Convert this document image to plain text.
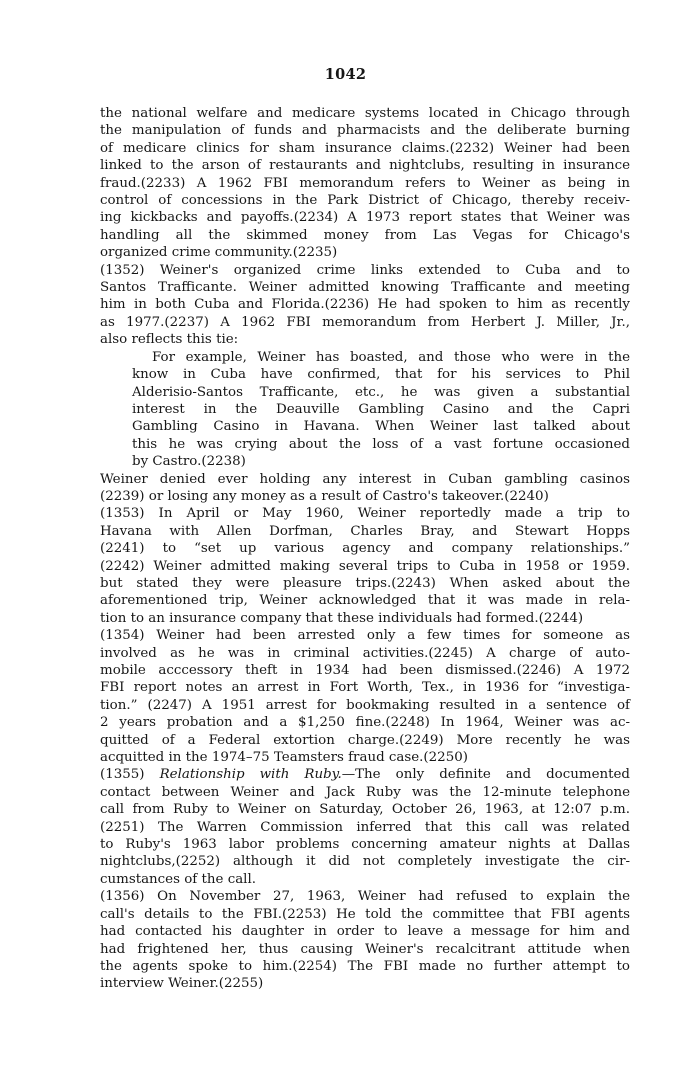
1042

the national welfare and medicare systems located in Chicago through
the manipulation of funds and pharmacists and the deliberate burning
of medicare clinics for sham insurance claims.(2232) Weiner had been
linked to the arson of restaurants and nightclubs, resulting in insurance
fraud.(2233) A 1962 FBI memorandum refers to Weiner as being in
control of concessions in the Park District of Chicago, thereby receiv-
ing kickbacks and payoffs.(2234) A 1973 report states that Weiner was
handling all the skimmed money from Las Vegas for Chicago's
organized crime community.(2235)

(1352) Weiner's organized crime links extended to Cuba and to
Santos Trafficante. Weiner admitted knowing Trafficante and meeting
him in both Cuba and Florida.(2236) He had spoken to him as recently
as 1977.(2237) A 1962 FBI memorandum from Herbert J. Miller, Jr.,
also reflects this tie:

For example, Weiner has boasted, and those who were in the
know in Cuba have confirmed, that for his services to Phil
Alderisio-Santos Trafficante, etc., he was given a substantial
interest in the Deauville Gambling Casino and the Capri
Gambling Casino in Havana. When Weiner last talked about
this he was crying about the loss of a vast fortune occasioned
by Castro.(2238)

Weiner denied ever holding any interest in Cuban gambling casinos
(2239) or losing any money as a result of Castro's takeover.(2240)

(1353) In April or May 1960, Weiner reportedly made a trip to
Havana with Allen Dorfman, Charles Bray, and Stewart Hopps
(2241) to “set up various agency and company relationships.”
(2242) Weiner admitted making several trips to Cuba in 1958 or 1959.
but stated they were pleasure trips.(2243) When asked about the
aforementioned trip, Weiner acknowledged that it was made in rela-
tion to an insurance company that these individuals had formed.(2244)

(1354) Weiner had been arrested only a few times for someone as
involved as he was in criminal activities.(2245) A charge of auto-
mobile acccessory theft in 1934 had been dismissed.(2246) A 1972
FBI report notes an arrest in Fort Worth, Tex., in 1936 for “investiga-
tion.” (2247) A 1951 arrest for bookmaking resulted in a sentence of
2 years probation and a $1,250 fine.(2248) In 1964, Weiner was ac-
quitted of a Federal extortion charge.(2249) More recently he was
acquitted in the 1974–75 Teamsters fraud case.(2250)

(1355) Relationship with Ruby.—The only definite and documented
contact between Weiner and Jack Ruby was the 12-minute telephone
call from Ruby to Weiner on Saturday, October 26, 1963, at 12:07 p.m.
(2251) The Warren Commission inferred that this call was related
to Ruby's 1963 labor problems concerning amateur nights at Dallas
nightclubs,(2252) although it did not completely investigate the cir-
cumstances of the call.

(1356) On November 27, 1963, Weiner had refused to explain the
call's details to the FBI.(2253) He told the committee that FBI agents
had contacted his daughter in order to leave a message for him and
had frightened her, thus causing Weiner's recalcitrant attitude when
the agents spoke to him.(2254) The FBI made no further attempt to
interview Weiner.(2255)
